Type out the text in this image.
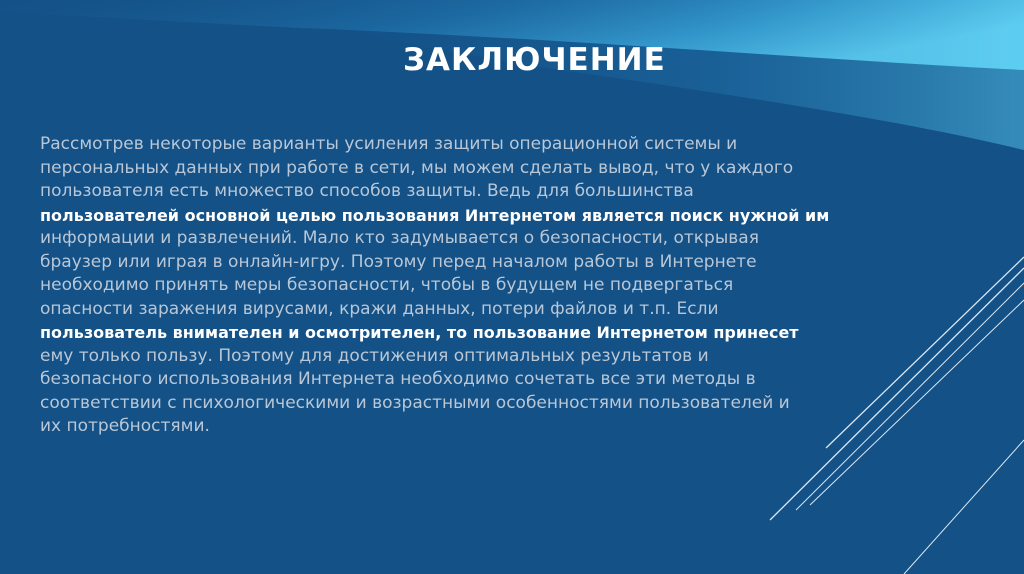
ЗАКЛЮЧЕНИЕ

Рассмотрев некоторые варианты усиления защиты операционной системы и
персональных данных при работе в сети, мы можем сделать вывод, что у каждого
пользователя есть множество способов защиты. Ведь для большинства
пользователей основной целью пользования Интернетом является поиск нужной им
информации и развлечений. Мало кто задумывается о безопасности, открывая
браузер или играя в онлайн-игру. Поэтому перед началом работы в Интернете
необходимо принять меры безопасности, чтобы в будущем не подвергаться
опасности заражения вирусами, кражи данных, потери файлов и т.п. Если
пользователь внимателен и осмотрителен, то пользование Интернетом принесет
ему только пользу. Поэтому для достижения оптимальных результатов и
безопасного использования Интернета необходимо сочетать все эти методы в
соответствии с психологическими и возрастными особенностями пользователей и
их потребностями.
